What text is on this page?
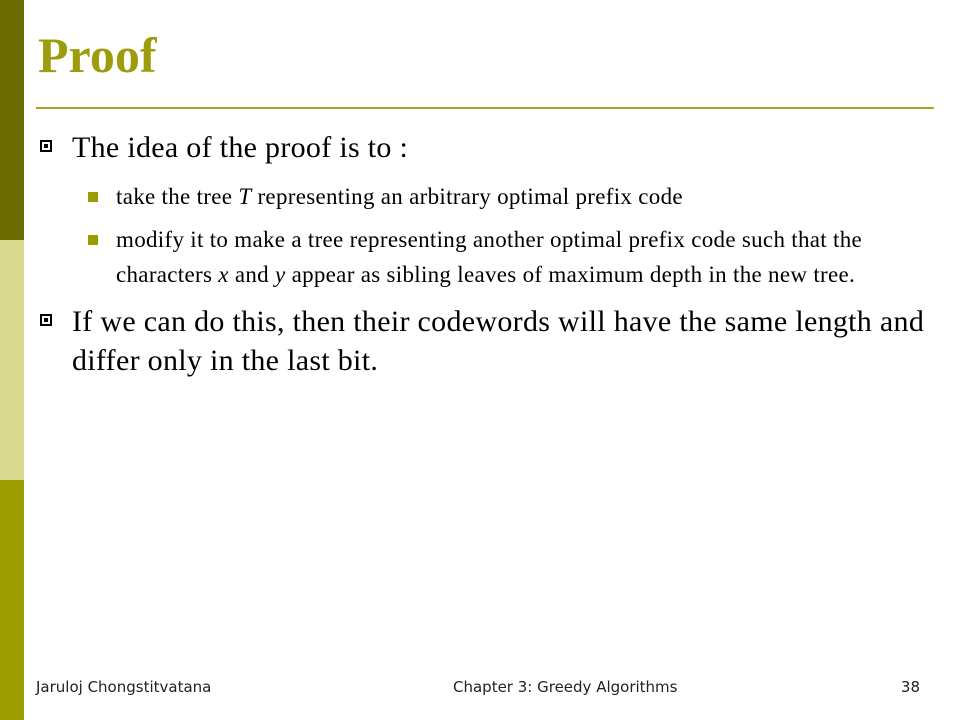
Proof
The idea of the proof is to :
take the tree T representing an arbitrary optimal prefix code
modify it to make a tree representing another optimal prefix code such that the characters x and y appear as sibling leaves of maximum depth in the new tree.
If we can do this, then their codewords will have the same length and differ only in the last bit.
Jaruloj Chongstitvatana	Chapter 3: Greedy Algorithms	38
